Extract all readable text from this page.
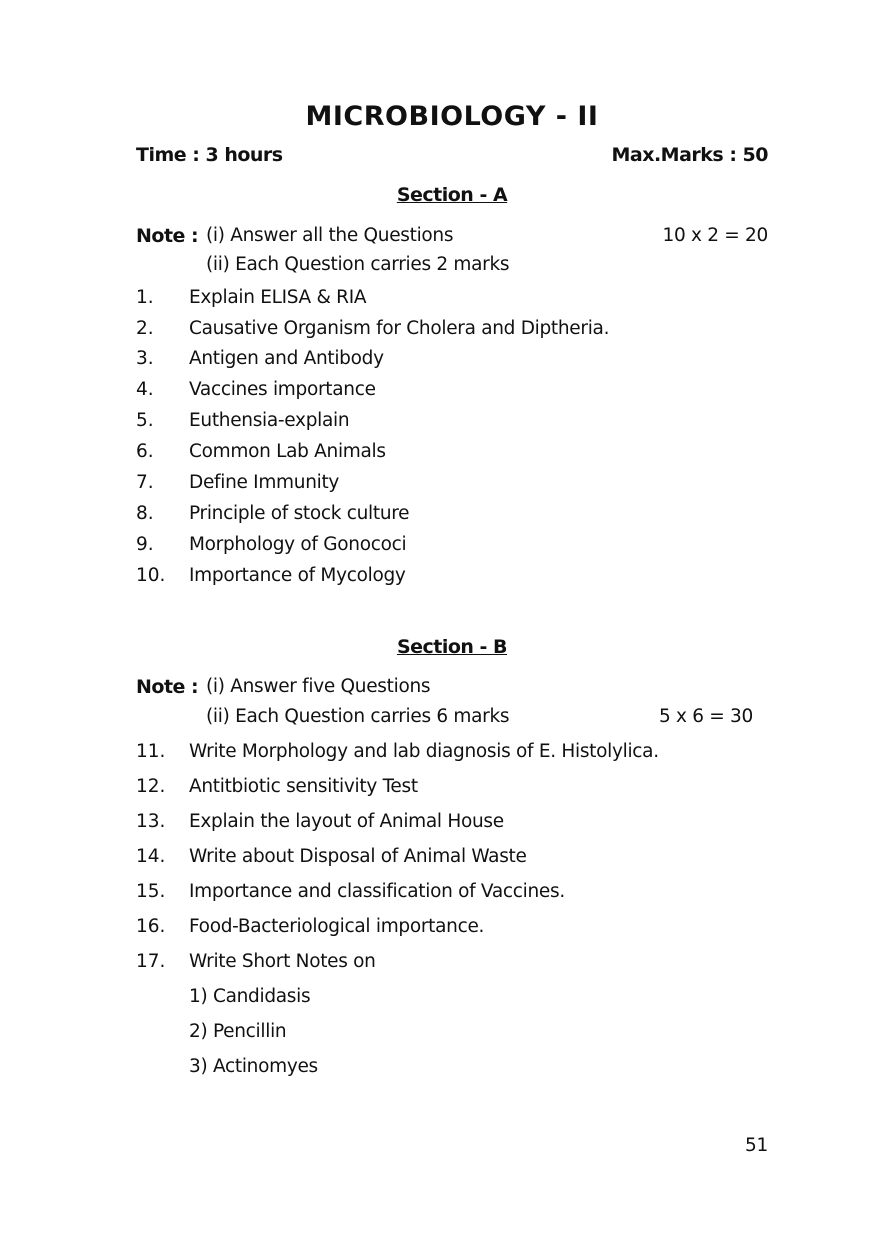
MICROBIOLOGY - II
Time : 3 hours	Max.Marks : 50
Section - A
Note : (i) Answer all the Questions	10 x 2 = 20
(ii) Each Question carries 2 marks
1. Explain ELISA & RIA
2. Causative Organism for Cholera and Diptheria.
3. Antigen and Antibody
4. Vaccines importance
5. Euthensia-explain
6. Common Lab Animals
7. Define Immunity
8. Principle of stock culture
9. Morphology of Gonococi
10. Importance of Mycology
Section - B
Note : (i) Answer five Questions
(ii) Each Question carries 6 marks	5 x 6 = 30
11. Write Morphology and lab diagnosis of E. Histolylica.
12. Antitbiotic sensitivity Test
13. Explain the layout of Animal House
14. Write about Disposal of Animal Waste
15. Importance and classification of Vaccines.
16. Food-Bacteriological importance.
17. Write Short Notes on
1) Candidasis
2) Pencillin
3) Actinomyes
51
